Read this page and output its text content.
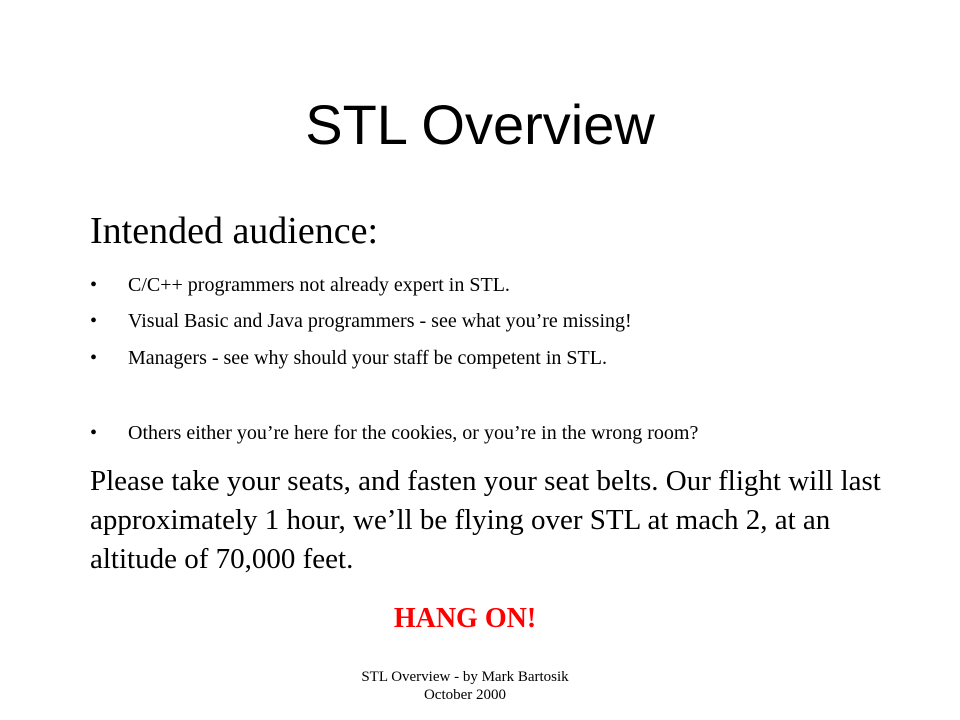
STL Overview
Intended audience:
• C/C++ programmers not already expert in STL.
• Visual Basic and Java programmers - see what you’re missing!
• Managers - see why should your staff be competent in STL.
• Others either you’re here for the cookies, or you’re in the wrong room?

Please take your seats, and fasten your seat belts. Our flight will last approximately 1 hour, we’ll be flying over STL at mach 2, at an altitude of 70,000 feet.

HANG ON!

STL Overview - by Mark Bartosik
October 2000
